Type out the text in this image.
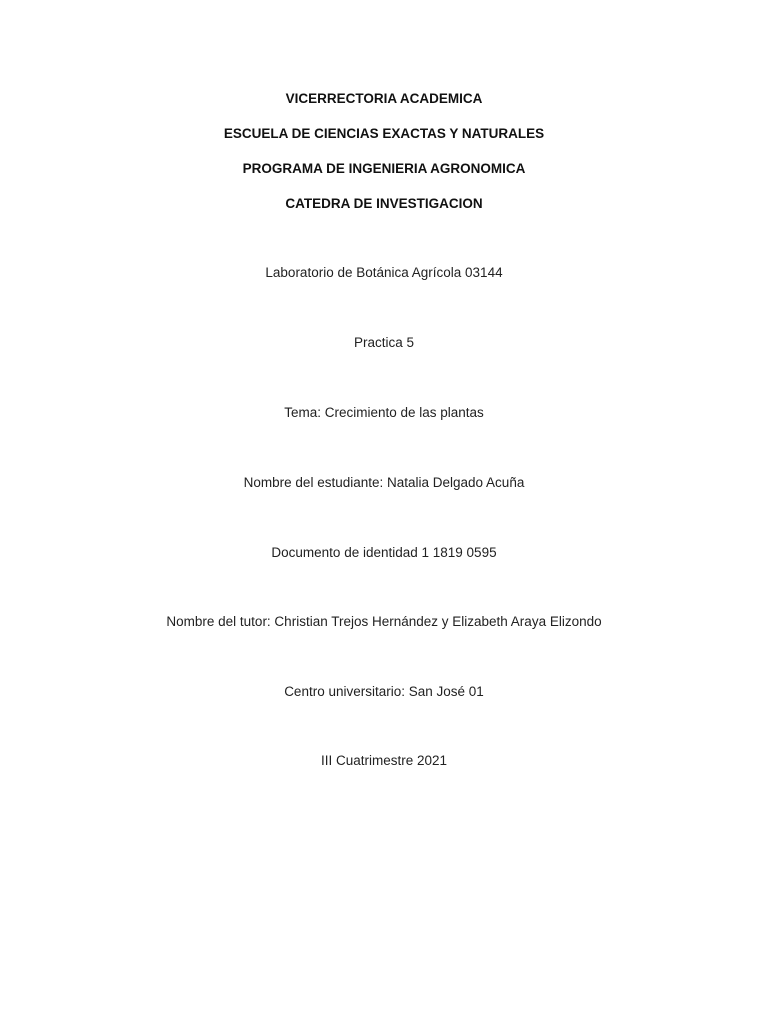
VICERRECTORIA ACADEMICA
ESCUELA DE CIENCIAS EXACTAS Y NATURALES
PROGRAMA DE INGENIERIA AGRONOMICA
CATEDRA DE INVESTIGACION
Laboratorio de Botánica Agrícola 03144
Practica 5
Tema: Crecimiento de las plantas
Nombre del estudiante: Natalia Delgado Acuña
Documento de identidad 1 1819 0595
Nombre del tutor: Christian Trejos Hernández y Elizabeth Araya Elizondo
Centro universitario: San José 01
III Cuatrimestre 2021
